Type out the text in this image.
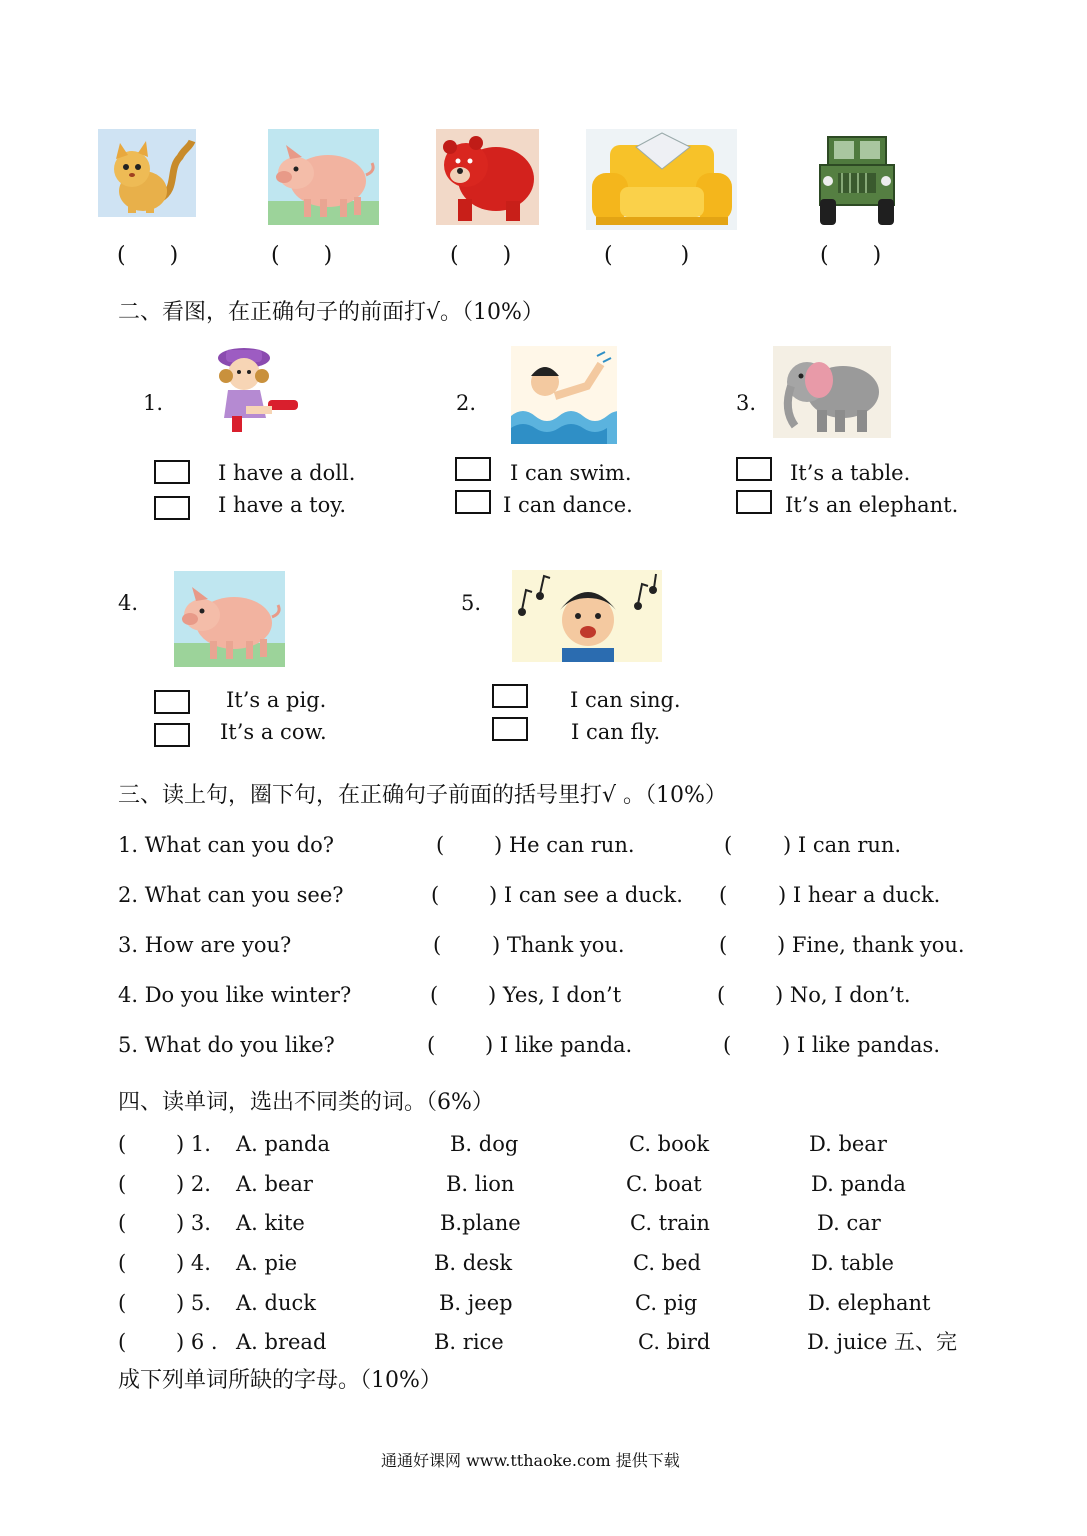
(　　)	(　　)	(　　)	(　　)	(　　)
二、看图，在正确句子的前面打√。（10%）
1.
I have a doll.
I have a toy.
2.
I can swim.
I can dance.
3.
It’s a table.
It’s an elephant.
4.
It’s a pig.
It’s a cow.
5.
I can sing.
I can fly.
三、读上句，圈下句，在正确句子前面的括号里打√ 。（10%）
1. What can you do?	( ) He can run.	( ) I can run.
2. What can you see?	( ) I can see a duck. ( ) I hear a duck.
3. How are you?	( ) Thank you.	( ) Fine, thank you.
4. Do you like winter?	( ) Yes, I don’t	( ) No, I don’t.
5. What do you like?	( ) I like panda.	( ) I like pandas.
四、读单词，选出不同类的词。（6%）
( ) 1. A. panda	B. dog	C. book	D. bear
( ) 2. A. bear	B. lion	C. boat	D. panda
( ) 3. A. kite	B.plane	C. train	D. car
( ) 4. A. pie	B. desk	C. bed	D. table
( ) 5. A. duck	B. jeep	C. pig	D. elephant
( ) 6 . A. bread	B. rice	C. bird	D. juice 五、完
成下列单词所缺的字母。（10%）
通通好课网 www.tthaoke.com 提供下载
